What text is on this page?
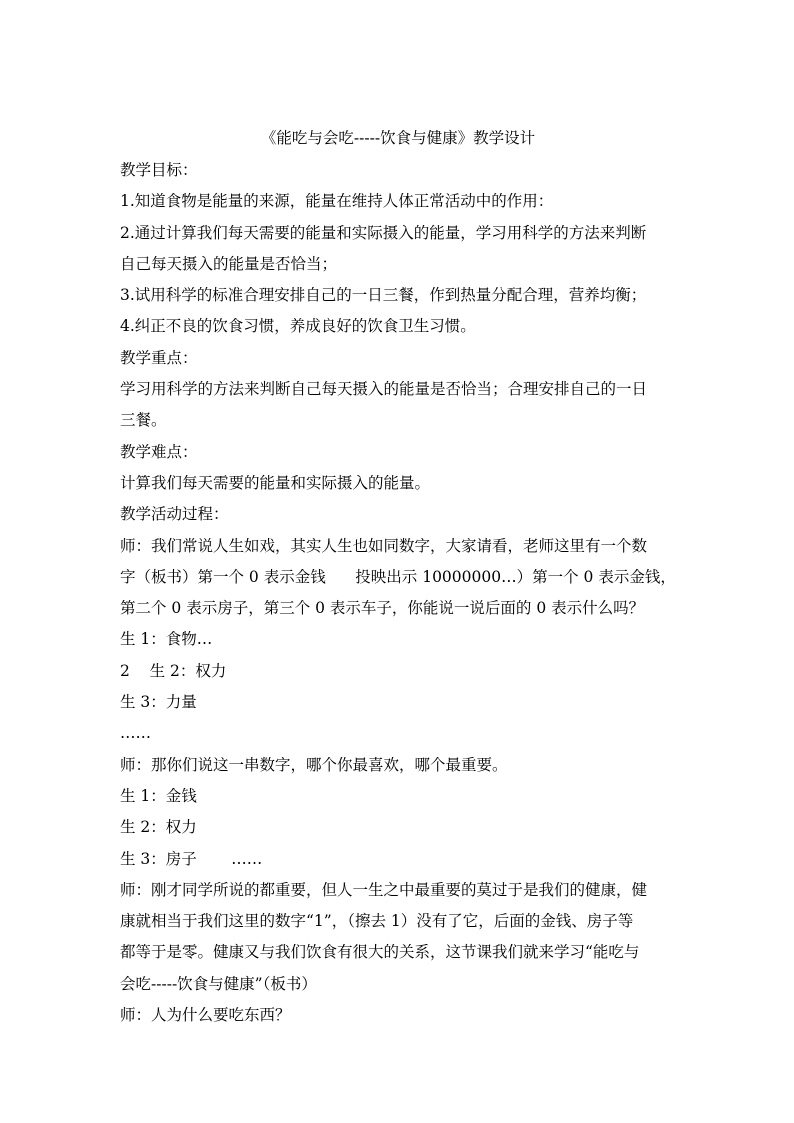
《能吃与会吃-----饮食与健康》教学设计
教学目标：
1.知道食物是能量的来源，能量在维持人体正常活动中的作用：
2.通过计算我们每天需要的能量和实际摄入的能量，学习用科学的方法来判断
自己每天摄入的能量是否恰当；
3.试用科学的标准合理安排自己的一日三餐，作到热量分配合理，营养均衡；
4.纠正不良的饮食习惯，养成良好的饮食卫生习惯。
教学重点：
学习用科学的方法来判断自己每天摄入的能量是否恰当；合理安排自己的一日
三餐。
教学难点：
计算我们每天需要的能量和实际摄入的能量。
教学活动过程：
师：我们常说人生如戏，其实人生也如同数字，大家请看，老师这里有一个数
字（板书）第一个 0 表示金钱      投映出示 10000000…）第一个 0 表示金钱，
第二个 0 表示房子，第三个 0 表示车子，你能说一说后面的 0 表示什么吗？
生 1：食物…
2    生 2：权力
生 3：力量
……
师：那你们说这一串数字，哪个你最喜欢，哪个最重要。
生 1：金钱
生 2：权力
生 3：房子       ……
师：刚才同学所说的都重要，但人一生之中最重要的莫过于是我们的健康，健
康就相当于我们这里的数字“1”，（擦去 1）没有了它，后面的金钱、房子等
都等于是零。健康又与我们饮食有很大的关系，这节课我们就来学习“能吃与
会吃-----饮食与健康”（板书）
师：人为什么要吃东西？
